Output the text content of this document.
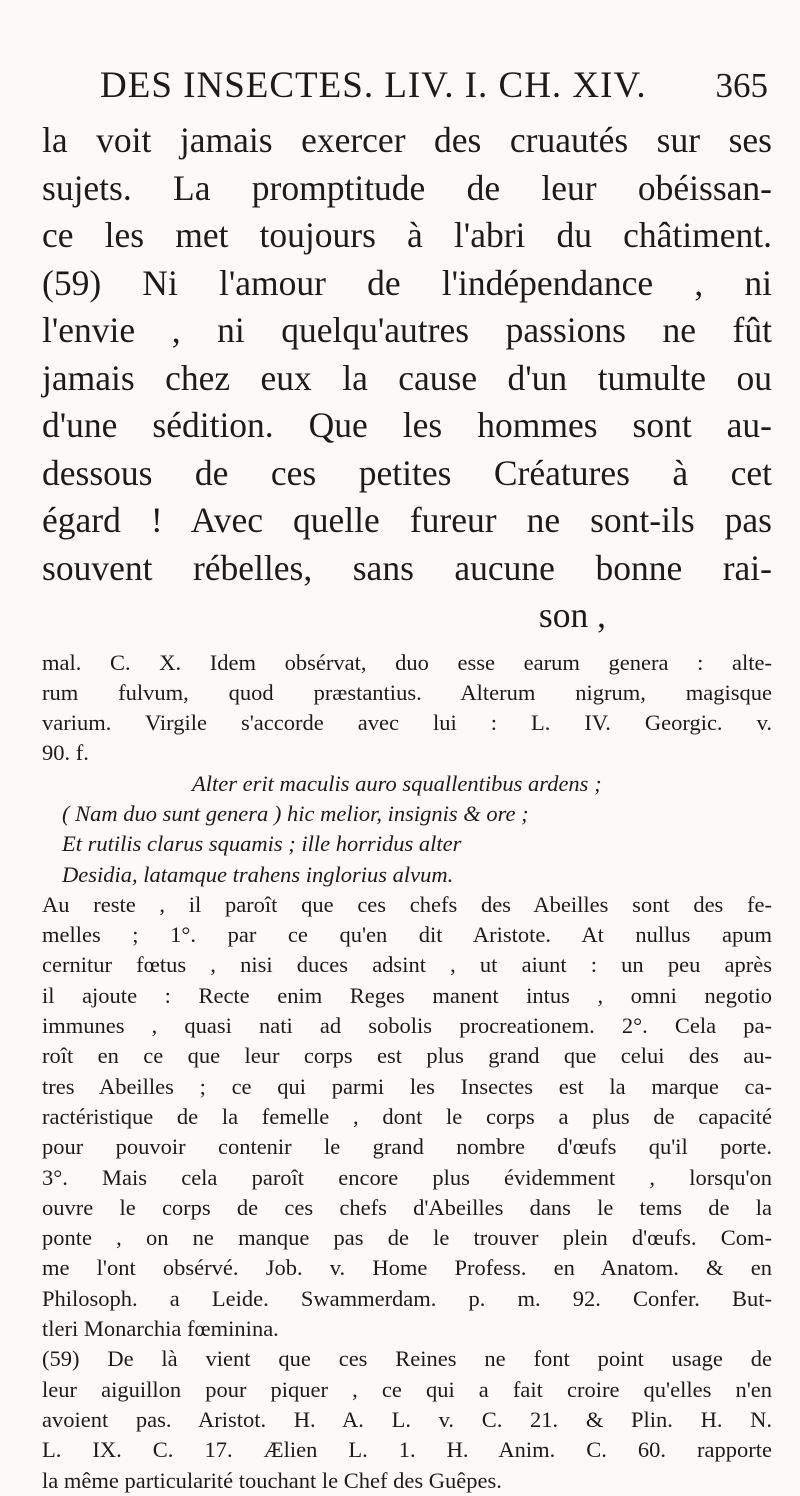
DES INSECTES. LIV. I. CH. XIV. 365
la voit jamais exercer des cruautés sur ses
sujets. La promptitude de leur obéissan-
ce les met toujours à l'abri du châtiment.
(59) Ni l'amour de l'indépendance , ni
l'envie , ni quelqu'autres passions ne fût
jamais chez eux la cause d'un tumulte ou
d'une sédition. Que les hommes sont au-
dessous de ces petites Créatures à cet
égard ! Avec quelle fureur ne sont-ils pas
souvent rébelles, sans aucune bonne rai-
son ,
mal. C. X. Idem obsérvat, duo esse earum genera : alte-
rum fulvum, quod præstantius. Alterum nigrum, magisque
varium. Virgile s'accorde avec lui : L. IV. Georgic. v.
90. f.
Alter erit maculis auro squallentibus ardens ;
( Nam duo sunt genera ) hic melior, insignis & ore ;
Et rutilis clarus squamis ; ille horridus alter
Desidia, latamque trahens inglorius alvum.
Au reste , il paroît que ces chefs des Abeilles sont des fe-
melles ; 1°. par ce qu'en dit Aristote. At nullus apum
cernitur fœtus , nisi duces adsint , ut aiunt : un peu après
il ajoute : Recte enim Reges manent intus , omni negotio
immunes , quasi nati ad sobolis procreationem. 2°. Cela pa-
roît en ce que leur corps est plus grand que celui des au-
tres Abeilles ; ce qui parmi les Insectes est la marque ca-
ractéristique de la femelle , dont le corps a plus de capacité
pour pouvoir contenir le grand nombre d'œufs qu'il porte.
3°. Mais cela paroît encore plus évidemment , lorsqu'on
ouvre le corps de ces chefs d'Abeilles dans le tems de la
ponte , on ne manque pas de le trouver plein d'œufs. Com-
me l'ont obsérvé. Job. v. Home Profess. en Anatom. & en
Philosoph. a Leide. Swammerdam. p. m. 92. Confer. But-
tleri Monarchia fœminina.
(59) De là vient que ces Reines ne font point usage de
leur aiguillon pour piquer , ce qui a fait croire qu'elles n'en
avoient pas. Aristot. H. A. L. v. C. 21. & Plin. H. N.
L. IX. C. 17. Ælien L. 1. H. Anim. C. 60. rapporte
la même particularité touchant le Chef des Guêpes.
